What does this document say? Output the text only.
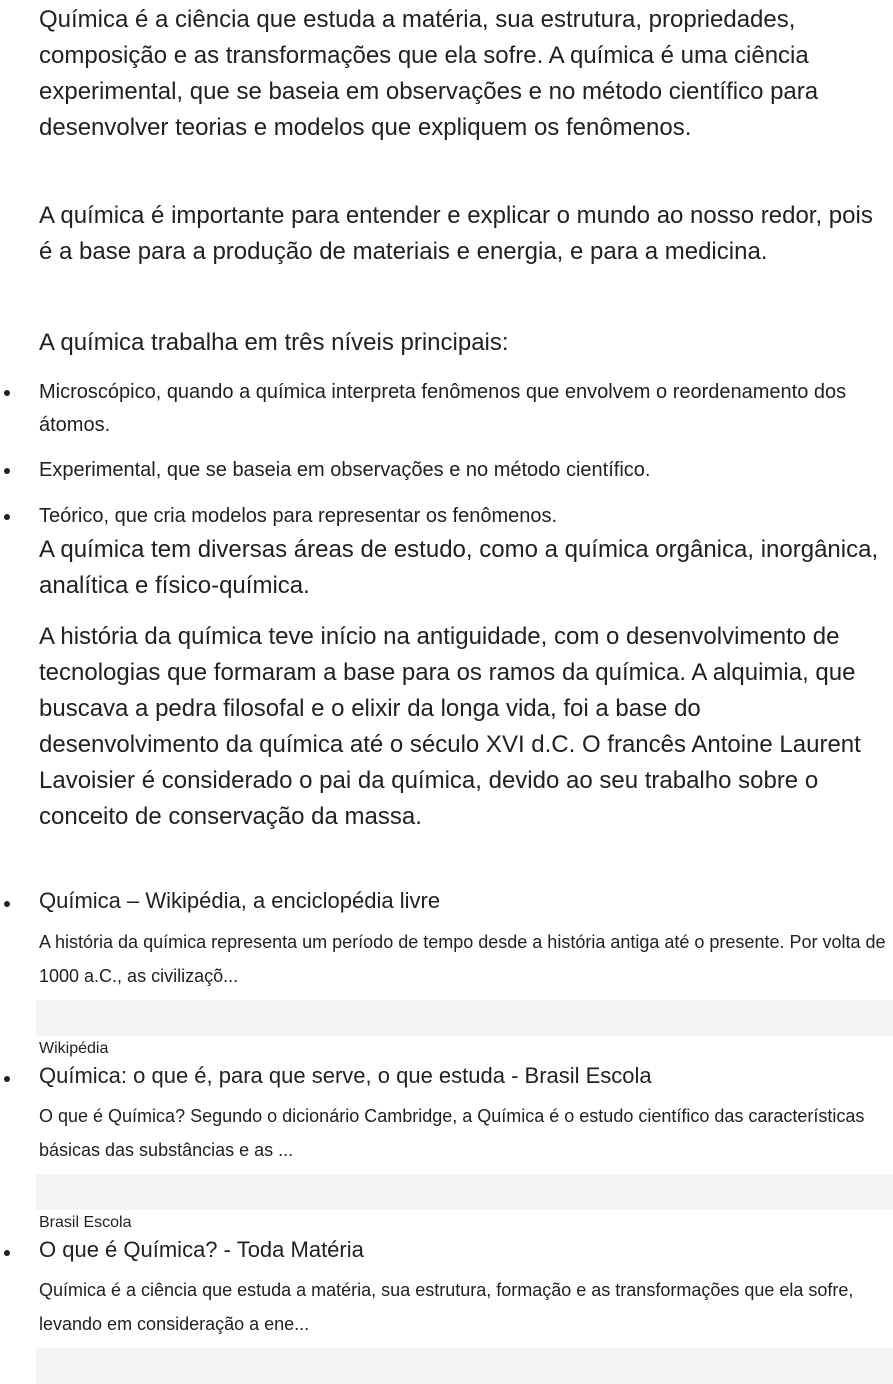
Química é a ciência que estuda a matéria, sua estrutura, propriedades, composição e as transformações que ela sofre. A química é uma ciência experimental, que se baseia em observações e no método científico para desenvolver teorias e modelos que expliquem os fenômenos.

A química é importante para entender e explicar o mundo ao nosso redor, pois é a base para a produção de materiais e energia, e para a medicina.

A química trabalha em três níveis principais:

Microscópico, quando a química interpreta fenômenos que envolvem o reordenamento dos átomos.
Experimental, que se baseia em observações e no método científico.
Teórico, que cria modelos para representar os fenômenos.

A química tem diversas áreas de estudo, como a química orgânica, inorgânica, analítica e físico-química.

A história da química teve início na antiguidade, com o desenvolvimento de tecnologias que formaram a base para os ramos da química. A alquimia, que buscava a pedra filosofal e o elixir da longa vida, foi a base do desenvolvimento da química até o século XVI d.C. O francês Antoine Laurent Lavoisier é considerado o pai da química, devido ao seu trabalho sobre o conceito de conservação da massa.

Química – Wikipédia, a enciclopédia livre
A história da química representa um período de tempo desde a história antiga até o presente. Por volta de 1000 a.C., as civilizaçõ...
Wikipédia
Química: o que é, para que serve, o que estuda - Brasil Escola
O que é Química? Segundo o dicionário Cambridge, a Química é o estudo científico das características básicas das substâncias e as ...
Brasil Escola
O que é Química? - Toda Matéria
Química é a ciência que estuda a matéria, sua estrutura, formação e as transformações que ela sofre, levando em consideração a ene...
